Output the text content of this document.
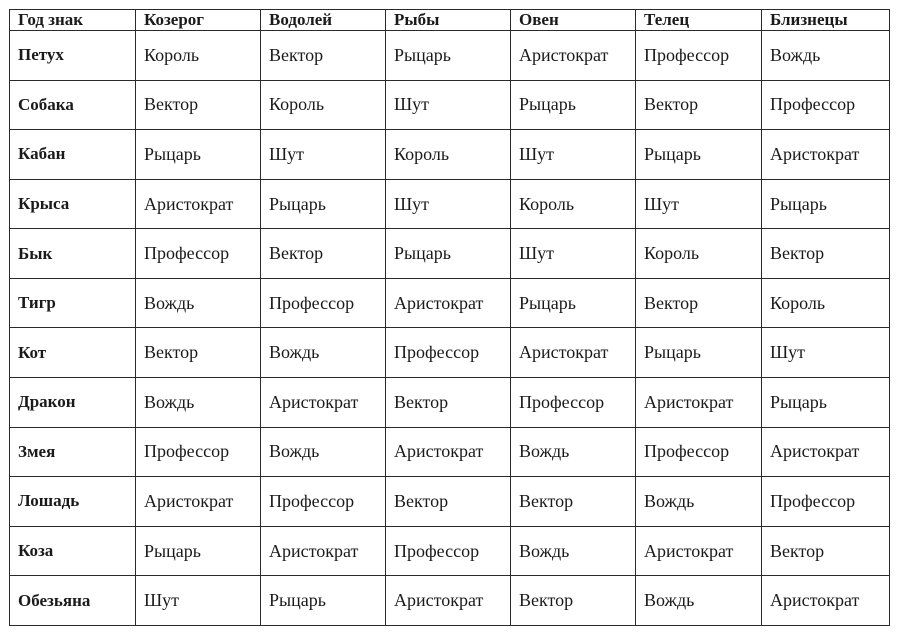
Год знак	Козерог	Водолей	Рыбы	Овен	Телец	Близнецы
Петух	Король	Вектор	Рыцарь	Аристократ	Профессор	Вождь
Собака	Вектор	Король	Шут	Рыцарь	Вектор	Профессор
Кабан	Рыцарь	Шут	Король	Шут	Рыцарь	Аристократ
Крыса	Аристократ	Рыцарь	Шут	Король	Шут	Рыцарь
Бык	Профессор	Вектор	Рыцарь	Шут	Король	Вектор
Тигр	Вождь	Профессор	Аристократ	Рыцарь	Вектор	Король
Кот	Вектор	Вождь	Профессор	Аристократ	Рыцарь	Шут
Дракон	Вождь	Аристократ	Вектор	Профессор	Аристократ	Рыцарь
Змея	Профессор	Вождь	Аристократ	Вождь	Профессор	Аристократ
Лошадь	Аристократ	Профессор	Вектор	Вектор	Вождь	Профессор
Коза	Рыцарь	Аристократ	Профессор	Вождь	Аристократ	Вектор
Обезьяна	Шут	Рыцарь	Аристократ	Вектор	Вождь	Аристократ
